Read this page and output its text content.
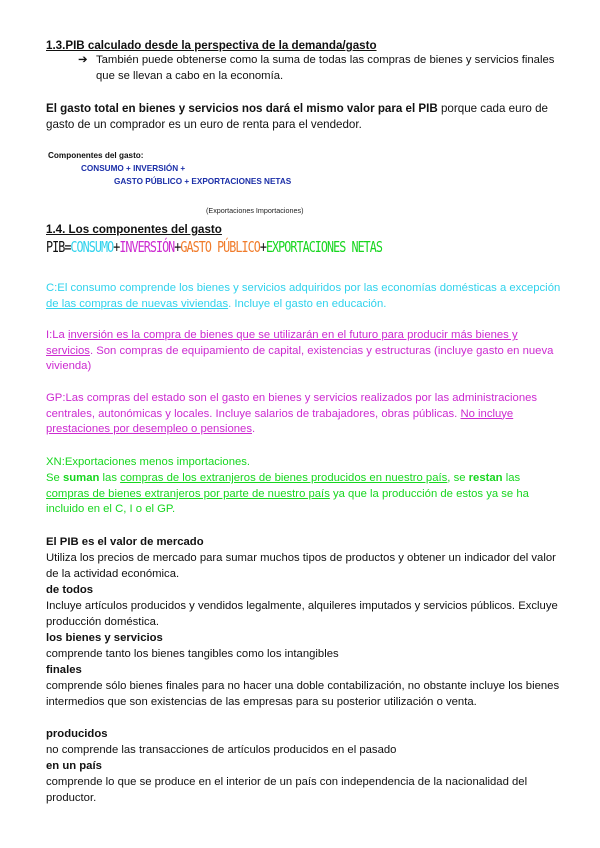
1.3.PIB calculado desde la perspectiva de la demanda/gasto
➔ También puede obtenerse como la suma de todas las compras de bienes y servicios finales que se llevan a cabo en la economía.
El gasto total en bienes y servicios nos dará el mismo valor para el PIB porque cada euro de gasto de un comprador es un euro de renta para el vendedor.
Componentes del gasto:
CONSUMO + INVERSIÓN +
GASTO PÚBLICO + EXPORTACIONES NETAS
(Exportaciones Importaciones)
1.4. Los componentes del gasto
PIB=CONSUMO+INVERSIÓN+GASTO PÚBLICO+EXPORTACIONES NETAS
C:El consumo comprende los bienes y servicios adquiridos por las economías domésticas a excepción de las compras de nuevas viviendas. Incluye el gasto en educación.
I:La inversión es la compra de bienes que se utilizarán en el futuro para producir más bienes y servicios. Son compras de equipamiento de capital, existencias y estructuras (incluye gasto en nueva vivienda)
GP:Las compras del estado son el gasto en bienes y servicios realizados por las administraciones centrales, autonómicas y locales. Incluye salarios de trabajadores, obras públicas. No incluye prestaciones por desempleo o pensiones.
XN:Exportaciones menos importaciones.
Se suman las compras de los extranjeros de bienes producidos en nuestro país, se restan las compras de bienes extranjeros por parte de nuestro país ya que la producción de estos ya se ha incluido en el C, I o el GP.
El PIB es el valor de mercado
Utiliza los precios de mercado para sumar muchos tipos de productos y obtener un indicador del valor de la actividad económica.
de todos
Incluye artículos producidos y vendidos legalmente, alquileres imputados y servicios públicos. Excluye producción doméstica.
los bienes y servicios
comprende tanto los bienes tangibles como los intangibles
finales
comprende sólo bienes finales para no hacer una doble contabilización, no obstante incluye los bienes intermedios que son existencias de las empresas para su posterior utilización o venta.
producidos
no comprende las transacciones de artículos producidos en el pasado
en un país
comprende lo que se produce en el interior de un país con independencia de la nacionalidad del productor.
